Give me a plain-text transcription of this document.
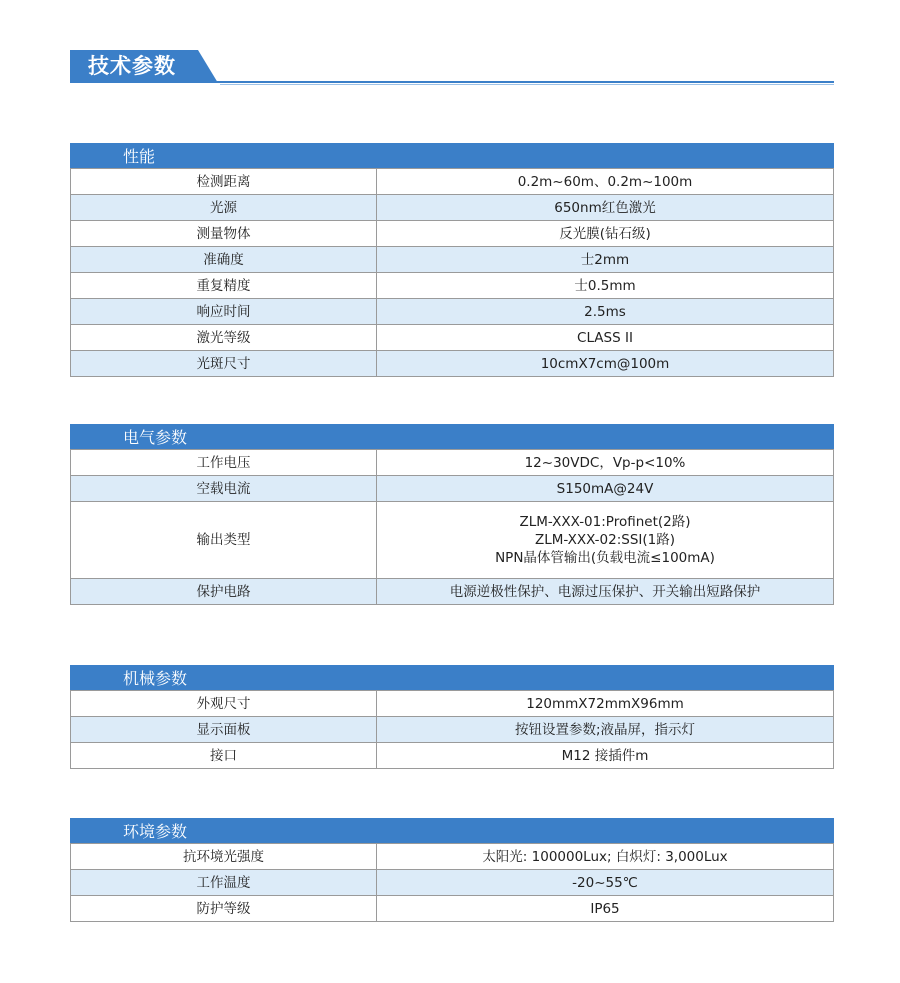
技术参数
性能
检测距离	0.2m~60m、0.2m~100m
光源	650nm红色激光
测量物体	反光膜(钻石级)
准确度	士2mm
重复精度	士0.5mm
响应时间	2.5ms
激光等级	CLASS II
光斑尺寸	10cmX7cm@100m
电气参数
工作电压	12~30VDC，Vp-p<10%
空载电流	S150mA@24V
输出类型	ZLM-XXX-01:Profinet(2路)
ZLM-XXX-02:SSI(1路)
NPN晶体管输出(负载电流≤100mA)

保护电路	电源逆极性保护、电源过压保护、开关输出短路保护
机械参数
外观尺寸	120mmX72mmX96mm
显示面板	按钮设置参数;液晶屏，指示灯
接口	M12 接插件m
环境参数
抗环境光强度	太阳光: 100000Lux; 白炽灯: 3,000Lux
工作温度	-20~55℃
防护等级	IP65
